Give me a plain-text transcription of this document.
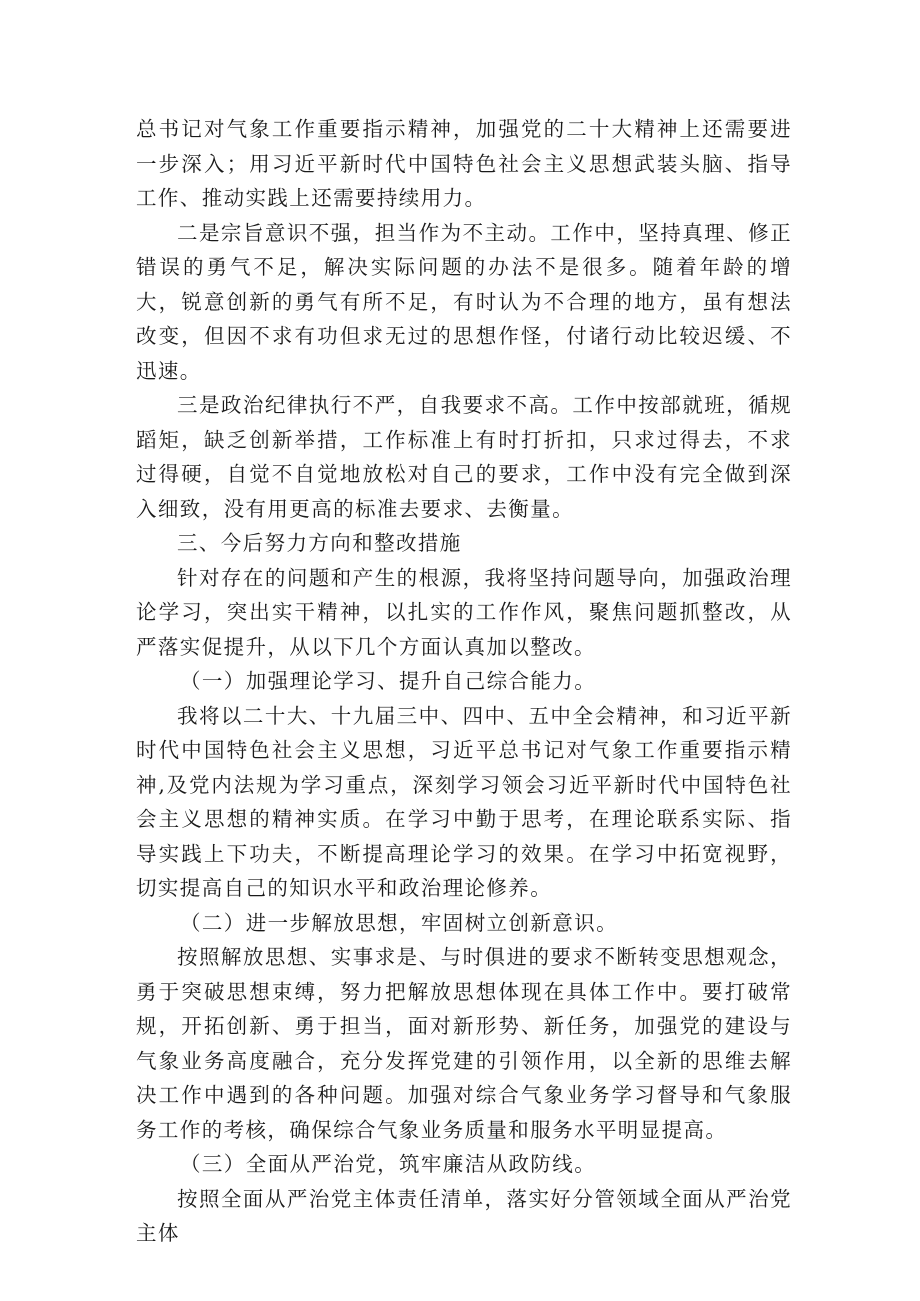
总书记对气象工作重要指示精神，加强党的二十大精神上还需要进一步深入；用习近平新时代中国特色社会主义思想武装头脑、指导工作、推动实践上还需要持续用力。

二是宗旨意识不强，担当作为不主动。工作中，坚持真理、修正错误的勇气不足，解决实际问题的办法不是很多。随着年龄的增大，锐意创新的勇气有所不足，有时认为不合理的地方，虽有想法改变，但因不求有功但求无过的思想作怪，付诸行动比较迟缓、不迅速。

三是政治纪律执行不严，自我要求不高。工作中按部就班，循规蹈矩，缺乏创新举措，工作标准上有时打折扣，只求过得去，不求过得硬，自觉不自觉地放松对自己的要求，工作中没有完全做到深入细致，没有用更高的标准去要求、去衡量。

三、今后努力方向和整改措施

针对存在的问题和产生的根源，我将坚持问题导向，加强政治理论学习，突出实干精神，以扎实的工作作风，聚焦问题抓整改，从严落实促提升，从以下几个方面认真加以整改。

（一）加强理论学习、提升自己综合能力。

我将以二十大、十九届三中、四中、五中全会精神，和习近平新时代中国特色社会主义思想，习近平总书记对气象工作重要指示精神,及党内法规为学习重点，深刻学习领会习近平新时代中国特色社会主义思想的精神实质。在学习中勤于思考，在理论联系实际、指导实践上下功夫，不断提高理论学习的效果。在学习中拓宽视野，切实提高自己的知识水平和政治理论修养。

（二）进一步解放思想，牢固树立创新意识。

按照解放思想、实事求是、与时俱进的要求不断转变思想观念，勇于突破思想束缚，努力把解放思想体现在具体工作中。要打破常规，开拓创新、勇于担当，面对新形势、新任务，加强党的建设与气象业务高度融合，充分发挥党建的引领作用，以全新的思维去解决工作中遇到的各种问题。加强对综合气象业务学习督导和气象服务工作的考核，确保综合气象业务质量和服务水平明显提高。

（三）全面从严治党，筑牢廉洁从政防线。

按照全面从严治党主体责任清单，落实好分管领域全面从严治党主体
